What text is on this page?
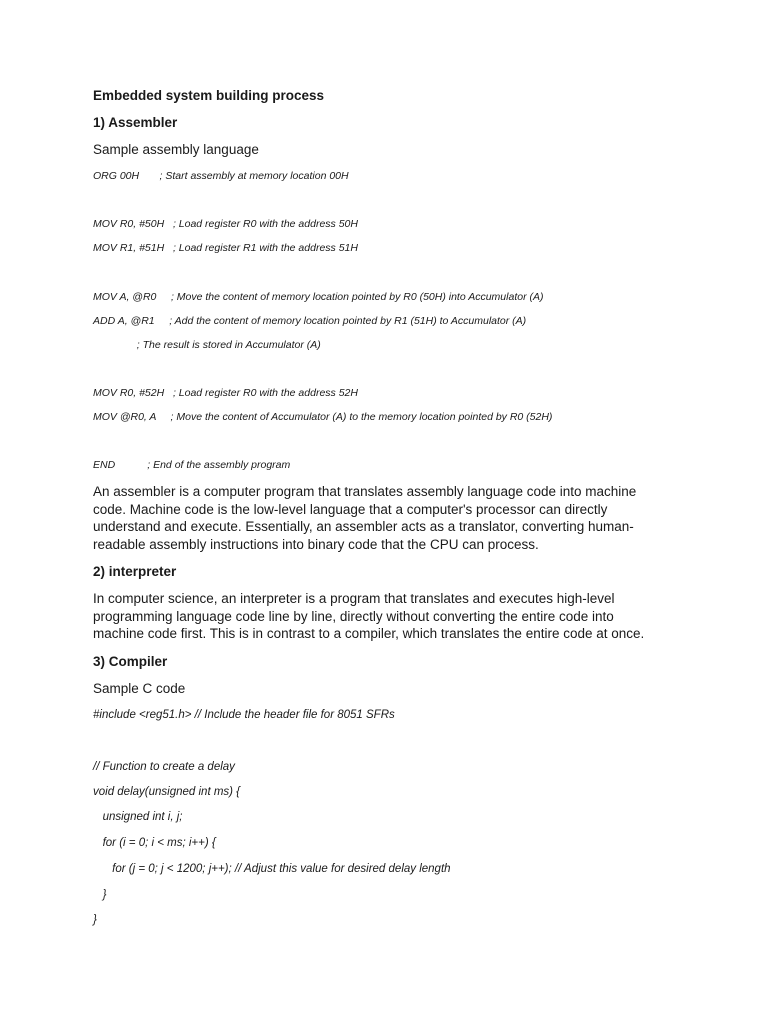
Embedded system building process
1) Assembler
Sample assembly language
ORG 00H       ; Start assembly at memory location 00H
MOV R0, #50H   ; Load register R0 with the address 50H
MOV R1, #51H   ; Load register R1 with the address 51H
MOV A, @R0     ; Move the content of memory location pointed by R0 (50H) into Accumulator (A)
ADD A, @R1     ; Add the content of memory location pointed by R1 (51H) to Accumulator (A)
; The result is stored in Accumulator (A)
MOV R0, #52H   ; Load register R0 with the address 52H
MOV @R0, A     ; Move the content of Accumulator (A) to the memory location pointed by R0 (52H)
END           ; End of the assembly program
An assembler is a computer program that translates assembly language code into machine code. Machine code is the low-level language that a computer's processor can directly understand and execute. Essentially, an assembler acts as a translator, converting human-readable assembly instructions into binary code that the CPU can process.
2) interpreter
In computer science, an interpreter is a program that translates and executes high-level programming language code line by line, directly without converting the entire code into machine code first. This is in contrast to a compiler, which translates the entire code at once.
3) Compiler
Sample C code
#include <reg51.h> // Include the header file for 8051 SFRs
// Function to create a delay
void delay(unsigned int ms) {
unsigned int i, j;
for (i = 0; i < ms; i++) {
for (j = 0; j < 1200; j++); // Adjust this value for desired delay length
}
}
